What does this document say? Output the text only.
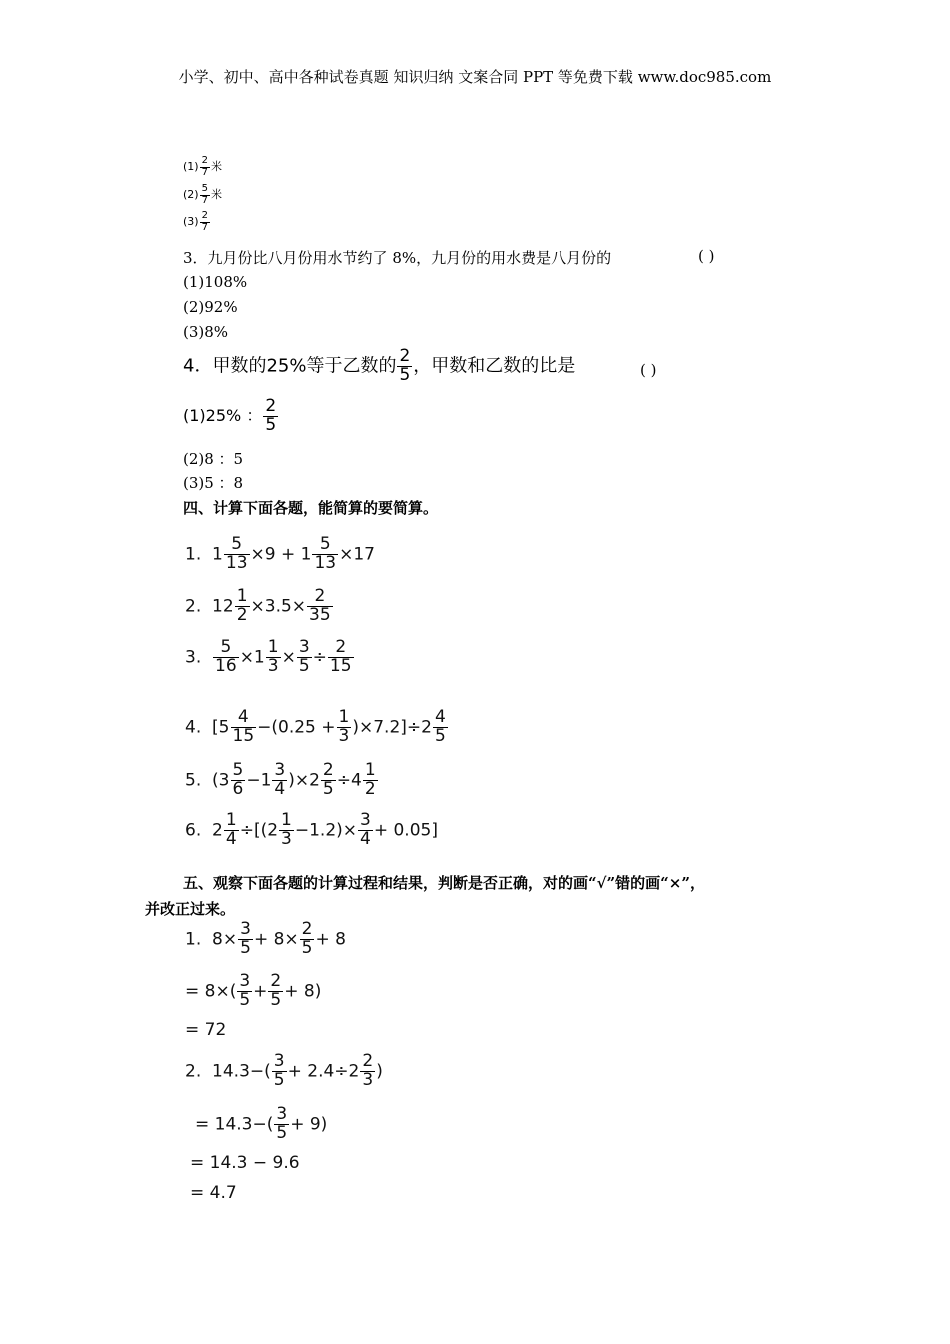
小学、初中、高中各种试卷真题 知识归纳 文案合同 PPT 等免费下载 www.doc985.com
$(1) \frac{2}{7}$ 米
$(2) \frac{5}{7}$ 米
$(3) \frac{2}{7}$
3．九月份比八月份用水节约了 8%，九月份的用水费是八月份的	( )
(1)108%
(2)92%
(3)8%
4．甲数的25%等于乙数的 $\frac{2}{5}$ ，甲数和乙数的比是	( )
(1)25% ： $\frac{2}{5}$
(2)8 ：5
(3)5 ：8
四、计算下面各题，能简算的要简算。
1. $1 \frac{5}{13} \times 9 + 1 \frac{5}{13} \times 17$
2. $12 \frac{1}{2} \times 3.5\times \frac{2}{35}$
3. $\frac{5}{16} \times 1 \frac{1}{3} \times \frac{3}{5} \div \frac{2}{15}$
4. $[5 \frac{4}{15} -(0.25 + \frac{1}{3} )\times 7.2]\div 2 \frac{4}{5}$
5. $(3 \frac{5}{6} -1 \frac{3}{4} )\times 2 \frac{2}{5} \div 4 \frac{1}{2}$
6. $2 \frac{1}{4} \div[(2 \frac{1}{3} -1.2)\times \frac{3}{4} + 0.05]$
五、观察下面各题的计算过程和结果，判断是否正确，对的画“√”错的画“×”，
并改正过来。
1. $8\times \frac{3}{5} + 8\times \frac{2}{5} + 8$
= $8\times( \frac{3}{5} + \frac{2}{5} + 8)$
= 72
2. $14.3-( \frac{3}{5} + 2.4\div 2 \frac{2}{3}$ )
= $14.3-( \frac{3}{5} + 9)$
= 14.3 − 9.6
= 4.7
